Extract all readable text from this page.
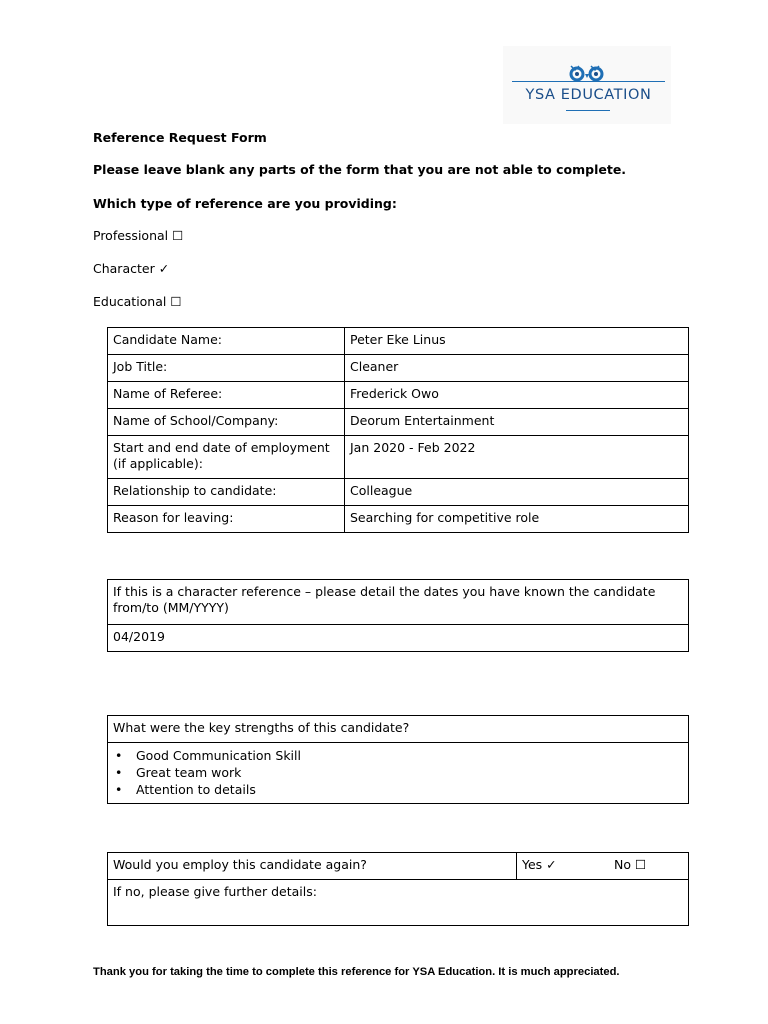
YSA EDUCATION
Reference Request Form
Please leave blank any parts of the form that you are not able to complete.
Which type of reference are you providing:
Professional ☐
Character ✓
Educational ☐
Candidate Name:	Peter Eke Linus
Job Title:	Cleaner
Name of Referee:	Frederick Owo
Name of School/Company:	Deorum Entertainment
Start and end date of employment (if applicable):	Jan 2020 - Feb 2022
Relationship to candidate:	Colleague
Reason for leaving:	Searching for competitive role
If this is a character reference – please detail the dates you have known the candidate from/to (MM/YYYY)
04/2019
What were the key strengths of this candidate?

• Good Communication Skill
• Great team work
• Attention to details
Would you employ this candidate again?	Yes ✓	No ☐

If no, please give further details:
Thank you for taking the time to complete this reference for YSA Education. It is much appreciated.
